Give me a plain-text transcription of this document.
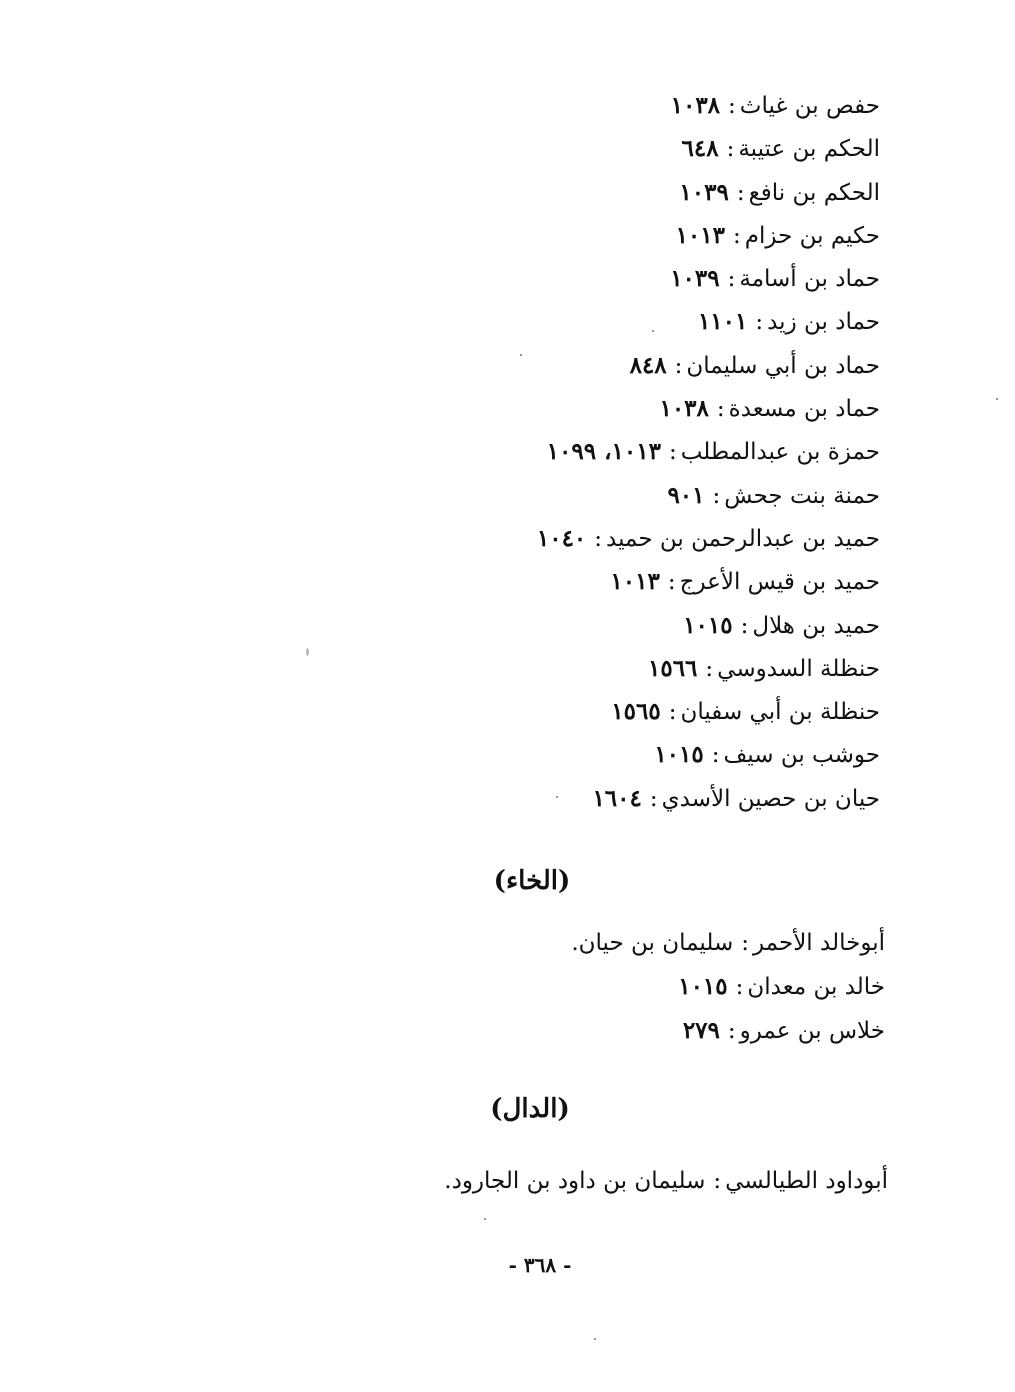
حفص بن غياث:١٠٣٨
الحكم بن عتيبة:٦٤٨
الحكم بن نافع:١٠٣٩
حكيم بن حزام:١٠١٣
حماد بن أسامة:١٠٣٩
حماد بن زيد:١١٠١
حماد بن أبي سليمان:٨٤٨
حماد بن مسعدة:١٠٣٨
حمزة بن عبدالمطلب:١٠١٣، ١٠٩٩
حمنة بنت جحش:٩٠١
حميد بن عبدالرحمن بن حميد:١٠٤٠
حميد بن قيس الأعرج:١٠١٣
حميد بن هلال:١٠١٥
حنظلة السدوسي:١٥٦٦
حنظلة بن أبي سفيان:١٥٦٥
حوشب بن سيف:١٠١٥
حيان بن حصين الأسدي:١٦٠٤
(الخاء)
أبوخالد الأحمر:سليمان بن حيان.
خالد بن معدان:١٠١٥
خلاس بن عمرو:٢٧٩
(الدال)
أبوداود الطيالسي:سليمان بن داود بن الجارود.
- ٣٦٨ -
